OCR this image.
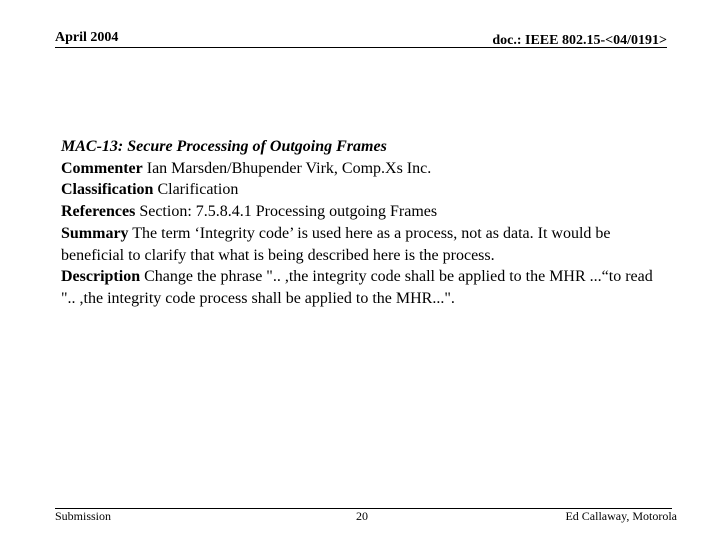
April 2004	doc.: IEEE 802.15-<04/0191>
MAC-13: Secure Processing of Outgoing Frames
Commenter Ian Marsden/Bhupender Virk, Comp.Xs Inc.
Classification Clarification
References Section: 7.5.8.4.1 Processing outgoing Frames
Summary The term ‘Integrity code’ is used here as a process, not as data. It would be beneficial to clarify that what is being described here is the process.
Description Change the phrase ".. ,the integrity code shall be applied to the MHR ...“to read ".. ,the integrity code process shall be applied to the MHR...".
Submission	20	Ed Callaway, Motorola
